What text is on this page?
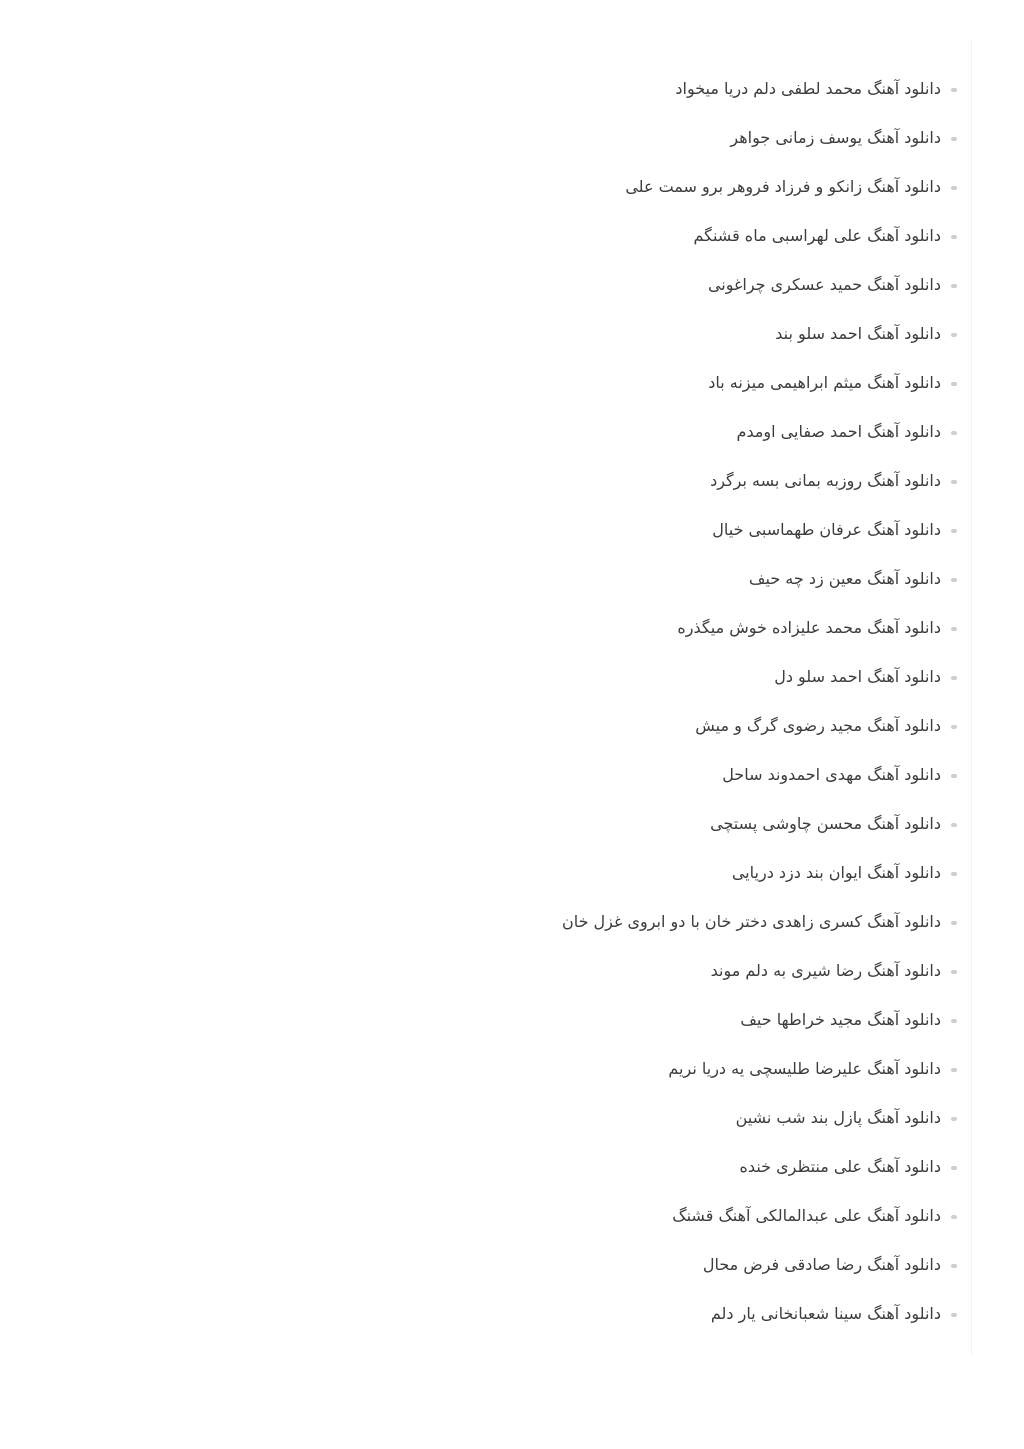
دانلود آهنگ محمد لطفی دلم دریا میخواد
دانلود آهنگ یوسف زمانی جواهر
دانلود آهنگ زانکو و فرزاد فروهر برو سمت علی
دانلود آهنگ علی لهراسبی ماه قشنگم
دانلود آهنگ حمید عسکری چراغونی
دانلود آهنگ احمد سلو بند
دانلود آهنگ میثم ابراهیمی میزنه باد
دانلود آهنگ احمد صفایی اومدم
دانلود آهنگ روزبه بمانی بسه برگرد
دانلود آهنگ عرفان طهماسبی خیال
دانلود آهنگ معین زد چه حیف
دانلود آهنگ محمد علیزاده خوش میگذره
دانلود آهنگ احمد سلو دل
دانلود آهنگ مجید رضوی گرگ و میش
دانلود آهنگ مهدی احمدوند ساحل
دانلود آهنگ محسن چاوشی پستچی
دانلود آهنگ ایوان بند دزد دریایی
دانلود آهنگ کسری زاهدی دختر خان با دو ابروی غزل خان
دانلود آهنگ رضا شیری به دلم موند
دانلود آهنگ مجید خراطها حیف
دانلود آهنگ علیرضا طلیسچی یه دریا نریم
دانلود آهنگ پازل بند شب نشین
دانلود آهنگ علی منتظری خنده
دانلود آهنگ علی عبدالمالکی آهنگ قشنگ
دانلود آهنگ رضا صادقی فرض محال
دانلود آهنگ سینا شعبانخانی یار دلم
